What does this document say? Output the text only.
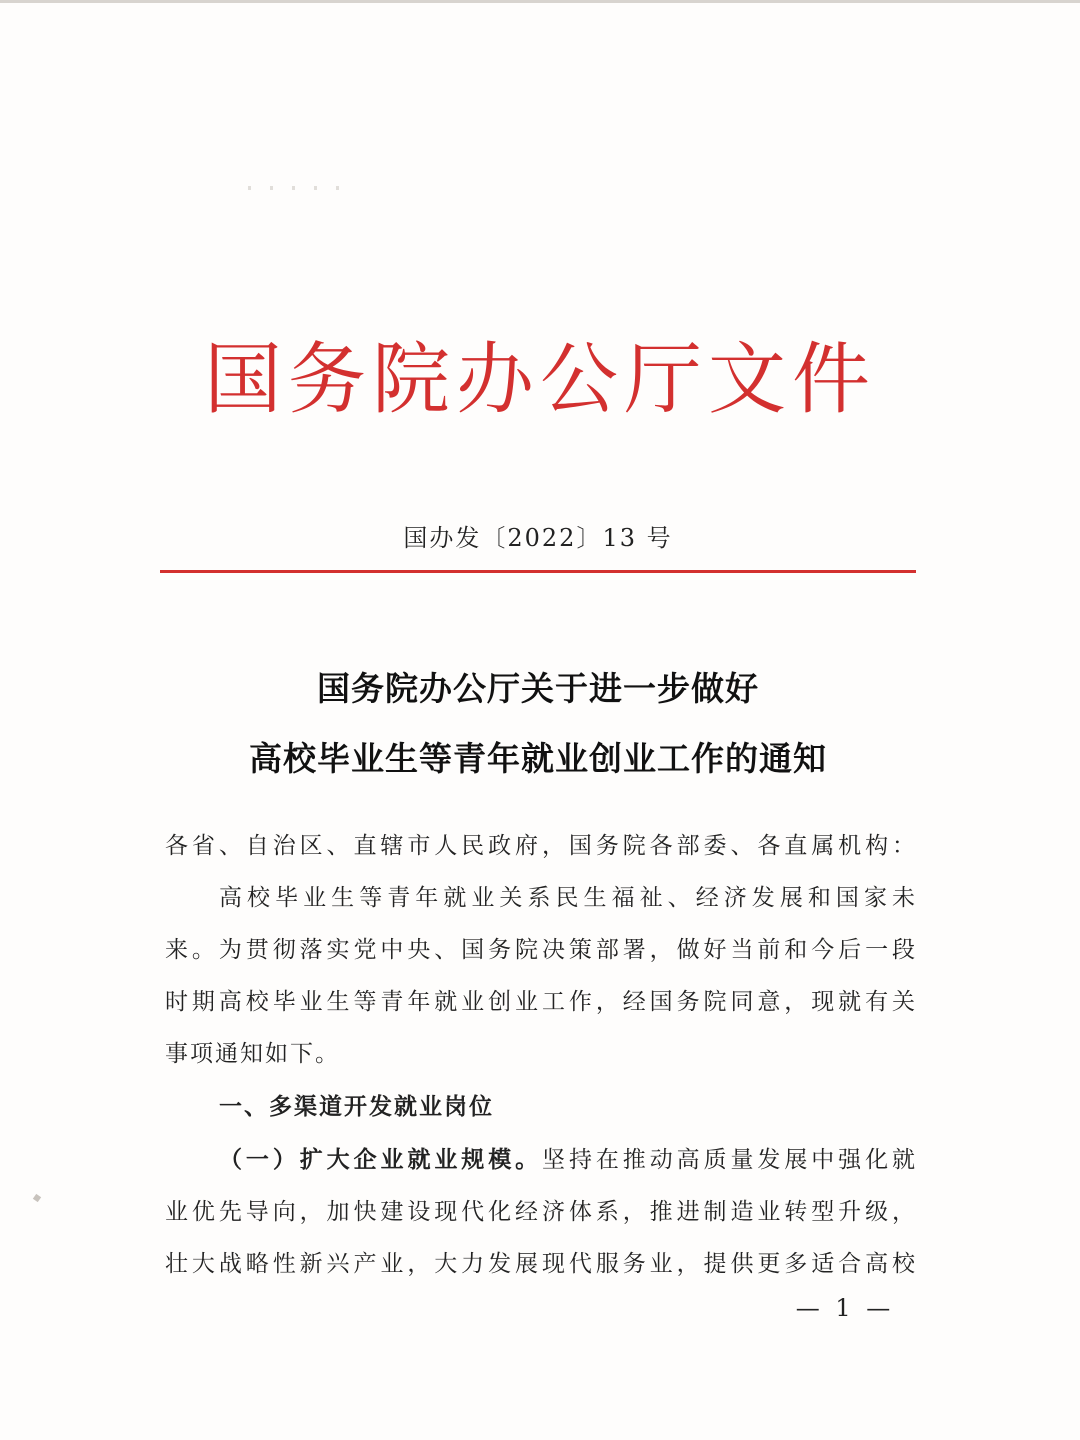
国务院办公厅文件
国办发〔2022〕13 号
国务院办公厅关于进一步做好
高校毕业生等青年就业创业工作的通知
各省、自治区、直辖市人民政府，国务院各部委、各直属机构：
高校毕业生等青年就业关系民生福祉、经济发展和国家未
来。为贯彻落实党中央、国务院决策部署，做好当前和今后一段
时期高校毕业生等青年就业创业工作，经国务院同意，现就有关
事项通知如下。
一、多渠道开发就业岗位
（一）扩大企业就业规模。坚持在推动高质量发展中强化就
业优先导向，加快建设现代化经济体系，推进制造业转型升级，
壮大战略性新兴产业，大力发展现代服务业，提供更多适合高校
— 1 —
